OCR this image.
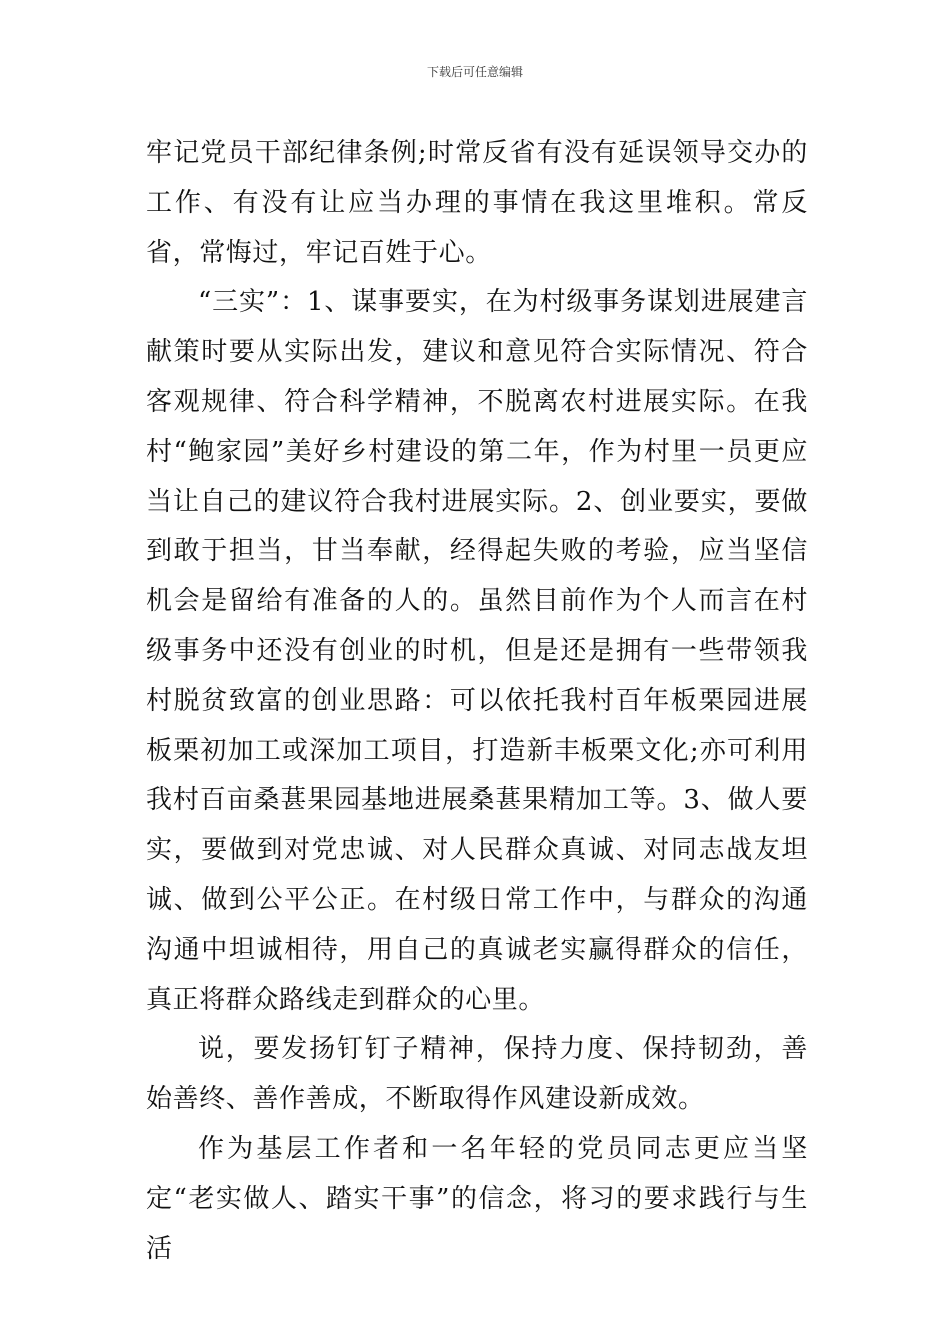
下载后可任意编辑

牢记党员干部纪律条例;时常反省有没有延误领导交办的工作、有没有让应当办理的事情在我这里堆积。常反省，常悔过，牢记百姓于心。

“三实”：1、谋事要实，在为村级事务谋划进展建言献策时要从实际出发，建议和意见符合实际情况、符合客观规律、符合科学精神，不脱离农村进展实际。在我村“鲍家园”美好乡村建设的第二年，作为村里一员更应当让自己的建议符合我村进展实际。2、创业要实，要做到敢于担当，甘当奉献，经得起失败的考验，应当坚信机会是留给有准备的人的。虽然目前作为个人而言在村级事务中还没有创业的时机，但是还是拥有一些带领我村脱贫致富的创业思路：可以依托我村百年板栗园进展板栗初加工或深加工项目，打造新丰板栗文化;亦可利用我村百亩桑葚果园基地进展桑葚果精加工等。3、做人要实，要做到对党忠诚、对人民群众真诚、对同志战友坦诚、做到公平公正。在村级日常工作中，与群众的沟通沟通中坦诚相待，用自己的真诚老实赢得群众的信任，真正将群众路线走到群众的心里。

说，要发扬钉钉子精神，保持力度、保持韧劲，善始善终、善作善成，不断取得作风建设新成效。

作为基层工作者和一名年轻的党员同志更应当坚定“老实做人、踏实干事”的信念，将习的要求践行与生活
